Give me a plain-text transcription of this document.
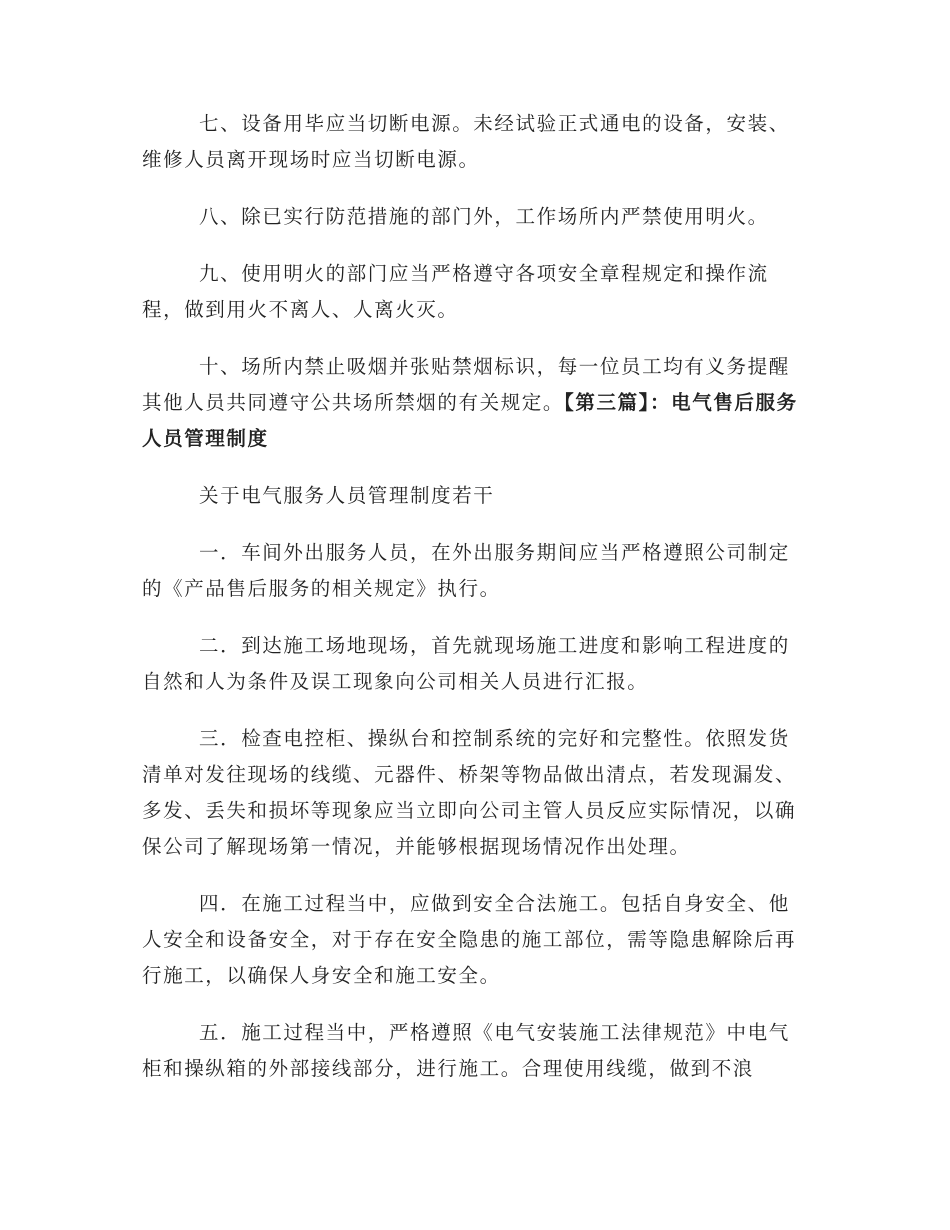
七、设备用毕应当切断电源。未经试验正式通电的设备，安装、维修人员离开现场时应当切断电源。

八、除已实行防范措施的部门外，工作场所内严禁使用明火。

九、使用明火的部门应当严格遵守各项安全章程规定和操作流程，做到用火不离人、人离火灭。

十、场所内禁止吸烟并张贴禁烟标识，每一位员工均有义务提醒其他人员共同遵守公共场所禁烟的有关规定。【第三篇】：电气售后服务人员管理制度

关于电气服务人员管理制度若干

一．车间外出服务人员，在外出服务期间应当严格遵照公司制定的《产品售后服务的相关规定》执行。

二．到达施工场地现场，首先就现场施工进度和影响工程进度的自然和人为条件及误工现象向公司相关人员进行汇报。

三．检查电控柜、操纵台和控制系统的完好和完整性。依照发货清单对发往现场的线缆、元器件、桥架等物品做出清点，若发现漏发、多发、丢失和损坏等现象应当立即向公司主管人员反应实际情况，以确保公司了解现场第一情况，并能够根据现场情况作出处理。

四．在施工过程当中，应做到安全合法施工。包括自身安全、他人安全和设备安全，对于存在安全隐患的施工部位，需等隐患解除后再行施工，以确保人身安全和施工安全。

五．施工过程当中，严格遵照《电气安装施工法律规范》中电气柜和操纵箱的外部接线部分，进行施工。合理使用线缆，做到不浪
